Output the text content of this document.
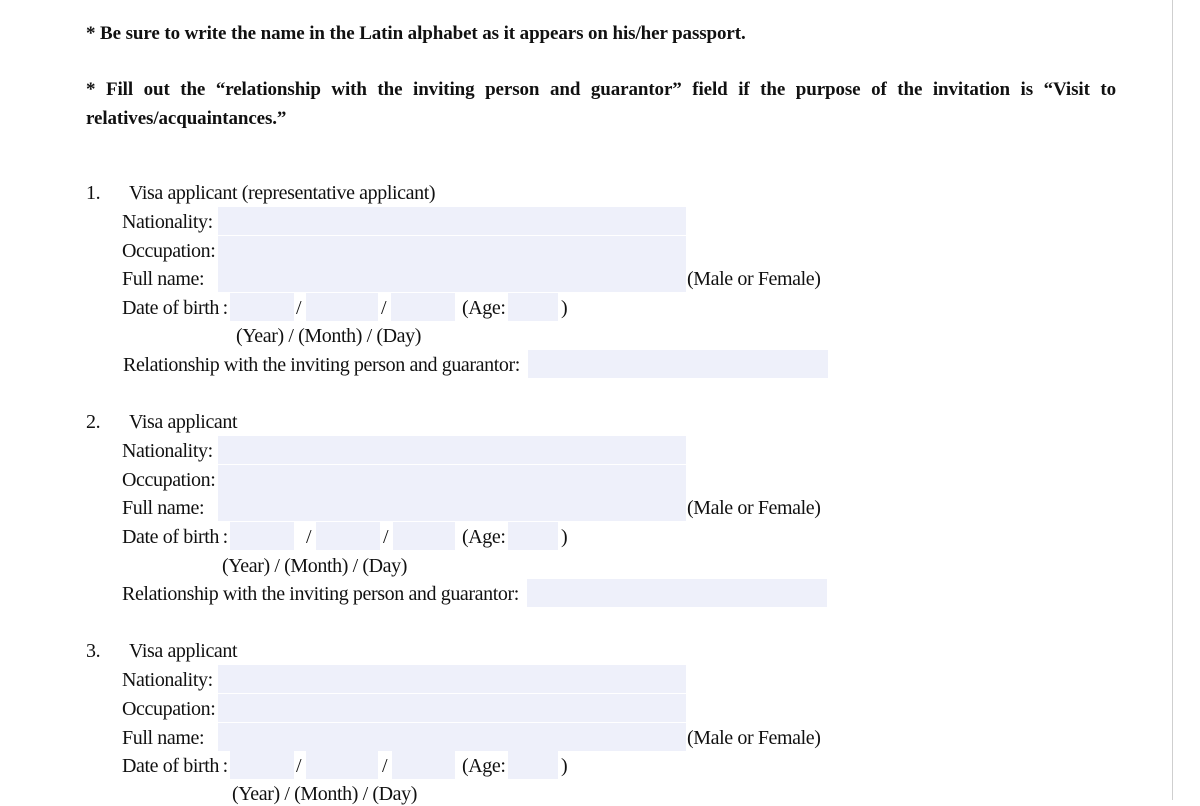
* Be sure to write the name in the Latin alphabet as it appears on his/her passport.
* Fill out the “relationship with the inviting person and guarantor” field if the purpose of the invitation is “Visit to relatives/acquaintances.”
1. Visa applicant (representative applicant)
Nationality:
Occupation:
Full name:	(Male or Female)
Date of birth :	/	/	(Age:	)
(Year) / (Month) / (Day)
Relationship with the inviting person and guarantor:
2. Visa applicant
Nationality:
Occupation:
Full name:	(Male or Female)
Date of birth :	/	/	(Age:	)
(Year) / (Month) / (Day)
Relationship with the inviting person and guarantor:
3. Visa applicant
Nationality:
Occupation:
Full name:	(Male or Female)
Date of birth :	/	/	(Age:	)
(Year) / (Month) / (Day)
